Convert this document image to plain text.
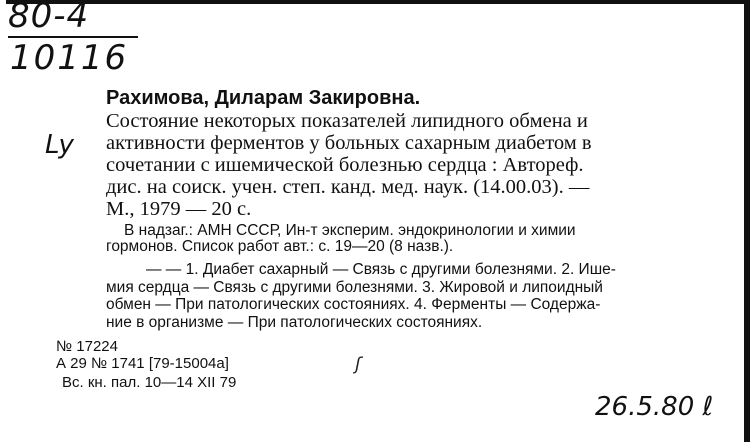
80-4
10116
Ly
Рахимова, Диларам Закировна.
Состояние некоторых показателей липидного обмена и
активности ферментов у больных сахарным диабетом в
сочетании с ишемической болезнью сердца : Автореф.
дис. на соиск. учен. степ. канд. мед. наук. (14.00.03). —
М., 1979 — 20 с.
В надзаг.: АМН СССР, Ин-т эксперим. эндокринологии и химии
гормонов. Список работ авт.: с. 19—20 (8 назв.).
— — 1. Диабет сахарный — Связь с другими болезнями. 2. Ише-
мия сердца — Связь с другими болезнями. 3. Жировой и липоидный
обмен — При патологических состояниях. 4. Ферменты — Содержа-
ние в организме — При патологических состояниях.
№ 17224
А 29 № 1741 [79-15004а]
Вс. кн. пал. 10—14 XII 79
ʃ
26.5.80 ℓ
